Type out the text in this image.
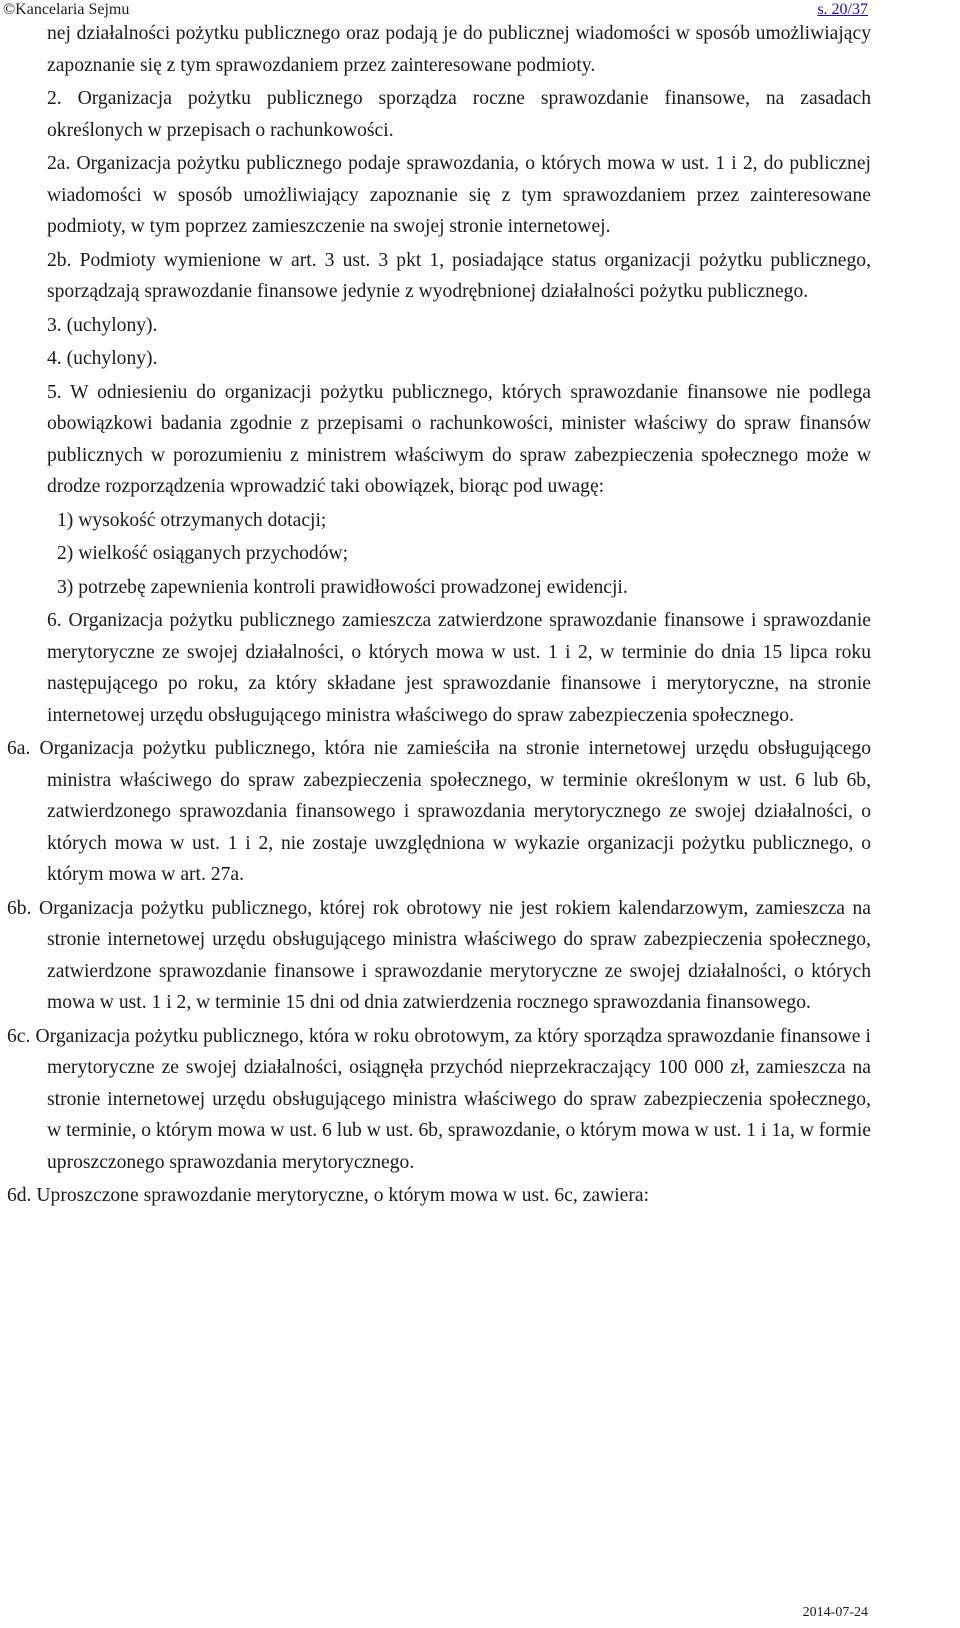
©Kancelaria Sejmu	s. 20/37

nej działalności pożytku publicznego oraz podają je do publicznej wiadomości w sposób umożliwiający zapoznanie się z tym sprawozdaniem przez zainteresowane podmioty.

2. Organizacja pożytku publicznego sporządza roczne sprawozdanie finansowe, na zasadach określonych w przepisach o rachunkowości.

2a. Organizacja pożytku publicznego podaje sprawozdania, o których mowa w ust. 1 i 2, do publicznej wiadomości w sposób umożliwiający zapoznanie się z tym sprawozdaniem przez zainteresowane podmioty, w tym poprzez zamieszczenie na swojej stronie internetowej.

2b. Podmioty wymienione w art. 3 ust. 3 pkt 1, posiadające status organizacji pożytku publicznego, sporządzają sprawozdanie finansowe jedynie z wyodrębnionej działalności pożytku publicznego.

3. (uchylony).

4. (uchylony).

5. W odniesieniu do organizacji pożytku publicznego, których sprawozdanie finansowe nie podlega obowiązkowi badania zgodnie z przepisami o rachunkowości, minister właściwy do spraw finansów publicznych w porozumieniu z ministrem właściwym do spraw zabezpieczenia społecznego może w drodze rozporządzenia wprowadzić taki obowiązek, biorąc pod uwagę:

1) wysokość otrzymanych dotacji;

2) wielkość osiąganych przychodów;

3) potrzebę zapewnienia kontroli prawidłowości prowadzonej ewidencji.

6. Organizacja pożytku publicznego zamieszcza zatwierdzone sprawozdanie finansowe i sprawozdanie merytoryczne ze swojej działalności, o których mowa w ust. 1 i 2, w terminie do dnia 15 lipca roku następującego po roku, za który składane jest sprawozdanie finansowe i merytoryczne, na stronie internetowej urzędu obsługującego ministra właściwego do spraw zabezpieczenia społecznego.

6a. Organizacja pożytku publicznego, która nie zamieściła na stronie internetowej urzędu obsługującego ministra właściwego do spraw zabezpieczenia społecznego, w terminie określonym w ust. 6 lub 6b, zatwierdzonego sprawozdania finansowego i sprawozdania merytorycznego ze swojej działalności, o których mowa w ust. 1 i 2, nie zostaje uwzględniona w wykazie organizacji pożytku publicznego, o którym mowa w art. 27a.

6b. Organizacja pożytku publicznego, której rok obrotowy nie jest rokiem kalendarzowym, zamieszcza na stronie internetowej urzędu obsługującego ministra właściwego do spraw zabezpieczenia społecznego, zatwierdzone sprawozdanie finansowe i sprawozdanie merytoryczne ze swojej działalności, o których mowa w ust. 1 i 2, w terminie 15 dni od dnia zatwierdzenia rocznego sprawozdania finansowego.

6c. Organizacja pożytku publicznego, która w roku obrotowym, za który sporządza sprawozdanie finansowe i merytoryczne ze swojej działalności, osiągnęła przychód nieprzekraczający 100 000 zł, zamieszcza na stronie internetowej urzędu obsługującego ministra właściwego do spraw zabezpieczenia społecznego, w terminie, o którym mowa w ust. 6 lub w ust. 6b, sprawozdanie, o którym mowa w ust. 1 i 1a, w formie uproszczonego sprawozdania merytorycznego.

6d. Uproszczone sprawozdanie merytoryczne, o którym mowa w ust. 6c, zawiera:

2014-07-24
